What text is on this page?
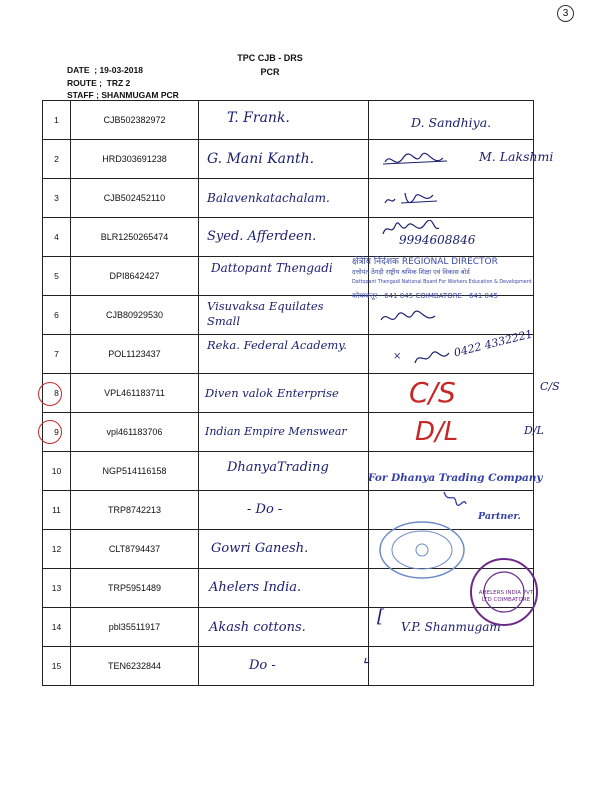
3
TPC CJB - DRS
PCR
DATE  ; 19-03-2018
ROUTE ;  TRZ 2
STAFF ; SHANMUGAM PCR
1	CJB502382972	T. Frank.	D. Sandhiya.

2	HRD303691238	G. Mani Kanth.	M. Lakshmi

3	CJB502452110	Balavenkatachalam.

4	BLR1250265474	Syed. Afferdeen.	9994608846

5	DPI8642427	Dattopant Thengadi	

6	CJB80929530	Visuvaksa Equilates Small

7	POL1123437	Reka. Federal Academy.	× 0422 4332221

8	VPL461183711	Diven valok Enterprise	C/S

9	vpl461183706	Indian Empire Menswear	D/L

10	NGP514116158	DhanyaTrading	

11	TRP8742213	- Do -	

12	CLT8794437	Gowri Ganesh.	

13	TRP5951489	Ahelers India.	

14	pbl35511917	Akash cottons.	[ V.P. Shanmugam

15	TEN6232844	Do -	⌞
C/S
D/L
क्षेत्रीय निदेशक REGIONAL DIRECTOR
दत्तोपंत ठेंगड़ी राष्ट्रीय श्रमिक शिक्षा एवं विकास बोर्ड
Dattopant Thengadi National Board For Workers Education & Development
कोयम्बत्तूर - 641 045 COIMBATORE - 641 045
For Dhanya Trading Company
Partner.
AHELERS INDIA PVT LTD COIMBATORE
